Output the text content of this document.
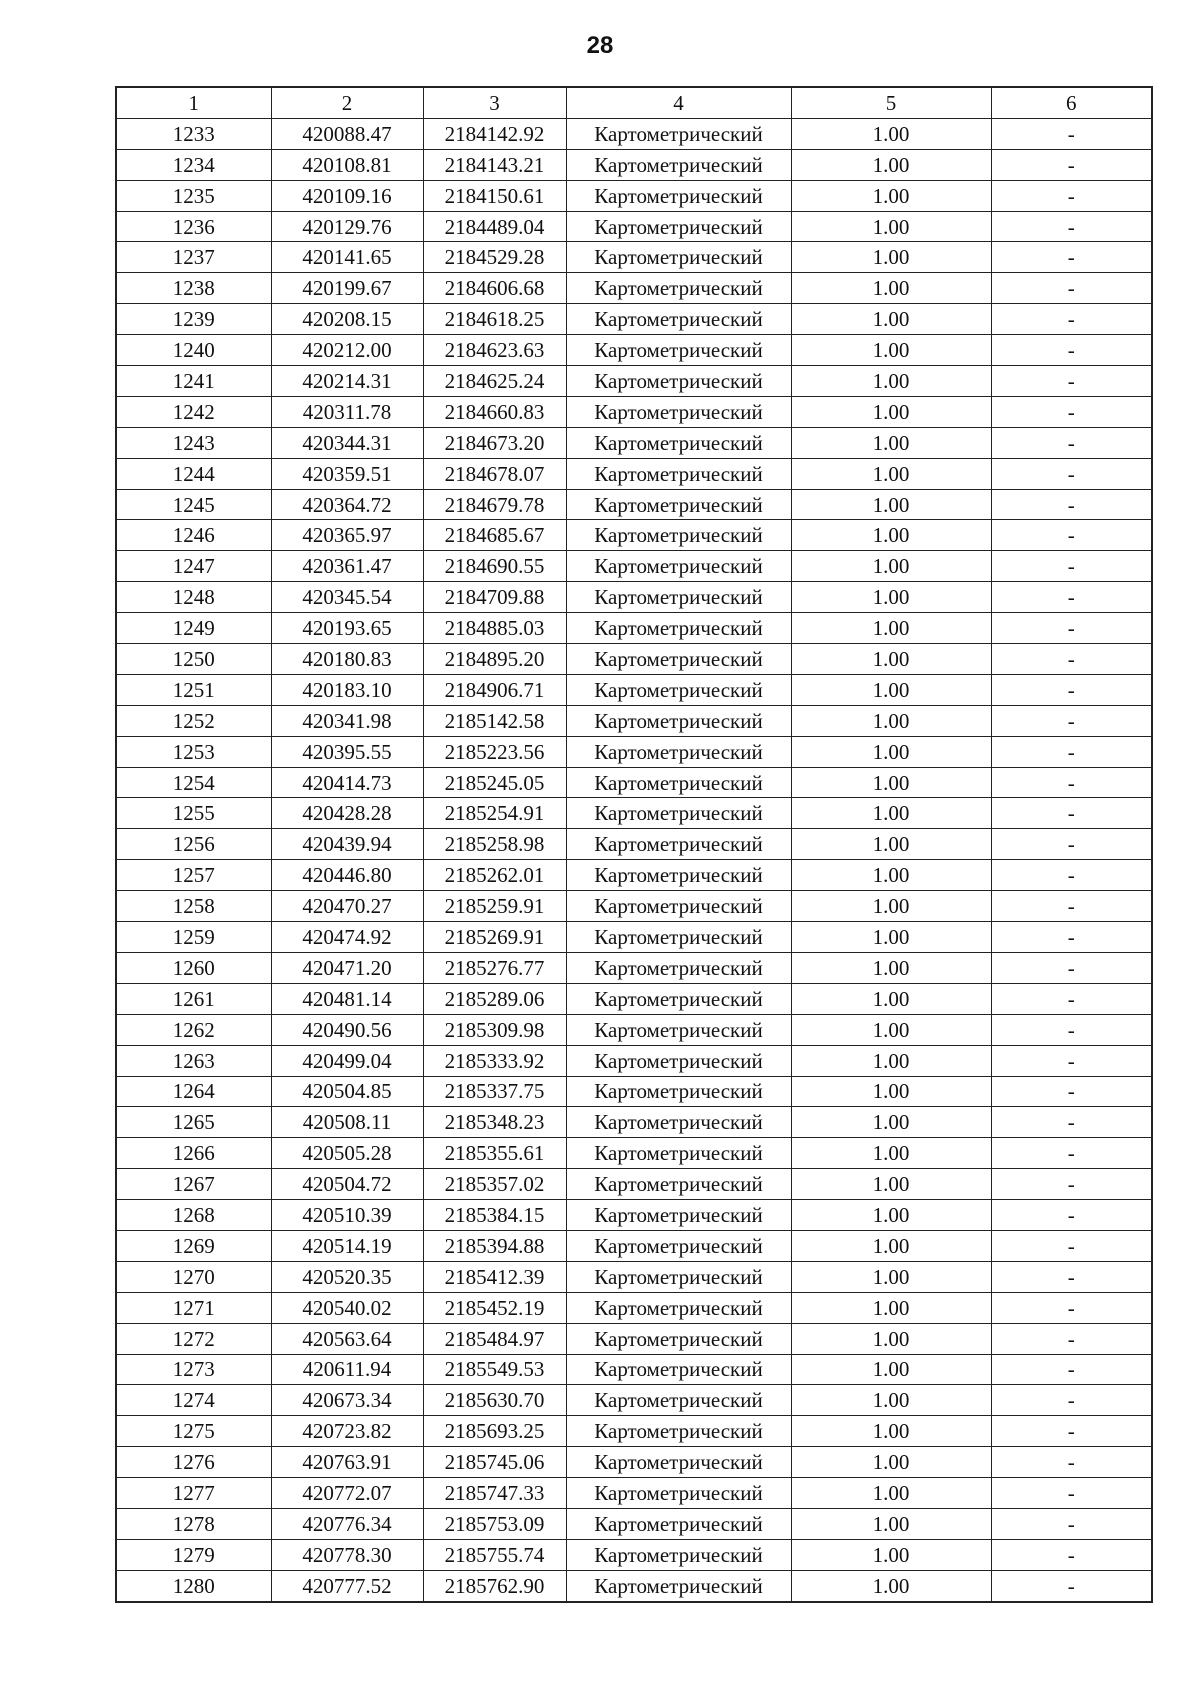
28
1	2	3	4	5	6
1233	420088.47	2184142.92	Картометрический	1.00	-
1234	420108.81	2184143.21	Картометрический	1.00	-
1235	420109.16	2184150.61	Картометрический	1.00	-
1236	420129.76	2184489.04	Картометрический	1.00	-
1237	420141.65	2184529.28	Картометрический	1.00	-
1238	420199.67	2184606.68	Картометрический	1.00	-
1239	420208.15	2184618.25	Картометрический	1.00	-
1240	420212.00	2184623.63	Картометрический	1.00	-
1241	420214.31	2184625.24	Картометрический	1.00	-
1242	420311.78	2184660.83	Картометрический	1.00	-
1243	420344.31	2184673.20	Картометрический	1.00	-
1244	420359.51	2184678.07	Картометрический	1.00	-
1245	420364.72	2184679.78	Картометрический	1.00	-
1246	420365.97	2184685.67	Картометрический	1.00	-
1247	420361.47	2184690.55	Картометрический	1.00	-
1248	420345.54	2184709.88	Картометрический	1.00	-
1249	420193.65	2184885.03	Картометрический	1.00	-
1250	420180.83	2184895.20	Картометрический	1.00	-
1251	420183.10	2184906.71	Картометрический	1.00	-
1252	420341.98	2185142.58	Картометрический	1.00	-
1253	420395.55	2185223.56	Картометрический	1.00	-
1254	420414.73	2185245.05	Картометрический	1.00	-
1255	420428.28	2185254.91	Картометрический	1.00	-
1256	420439.94	2185258.98	Картометрический	1.00	-
1257	420446.80	2185262.01	Картометрический	1.00	-
1258	420470.27	2185259.91	Картометрический	1.00	-
1259	420474.92	2185269.91	Картометрический	1.00	-
1260	420471.20	2185276.77	Картометрический	1.00	-
1261	420481.14	2185289.06	Картометрический	1.00	-
1262	420490.56	2185309.98	Картометрический	1.00	-
1263	420499.04	2185333.92	Картометрический	1.00	-
1264	420504.85	2185337.75	Картометрический	1.00	-
1265	420508.11	2185348.23	Картометрический	1.00	-
1266	420505.28	2185355.61	Картометрический	1.00	-
1267	420504.72	2185357.02	Картометрический	1.00	-
1268	420510.39	2185384.15	Картометрический	1.00	-
1269	420514.19	2185394.88	Картометрический	1.00	-
1270	420520.35	2185412.39	Картометрический	1.00	-
1271	420540.02	2185452.19	Картометрический	1.00	-
1272	420563.64	2185484.97	Картометрический	1.00	-
1273	420611.94	2185549.53	Картометрический	1.00	-
1274	420673.34	2185630.70	Картометрический	1.00	-
1275	420723.82	2185693.25	Картометрический	1.00	-
1276	420763.91	2185745.06	Картометрический	1.00	-
1277	420772.07	2185747.33	Картометрический	1.00	-
1278	420776.34	2185753.09	Картометрический	1.00	-
1279	420778.30	2185755.74	Картометрический	1.00	-
1280	420777.52	2185762.90	Картометрический	1.00	-
